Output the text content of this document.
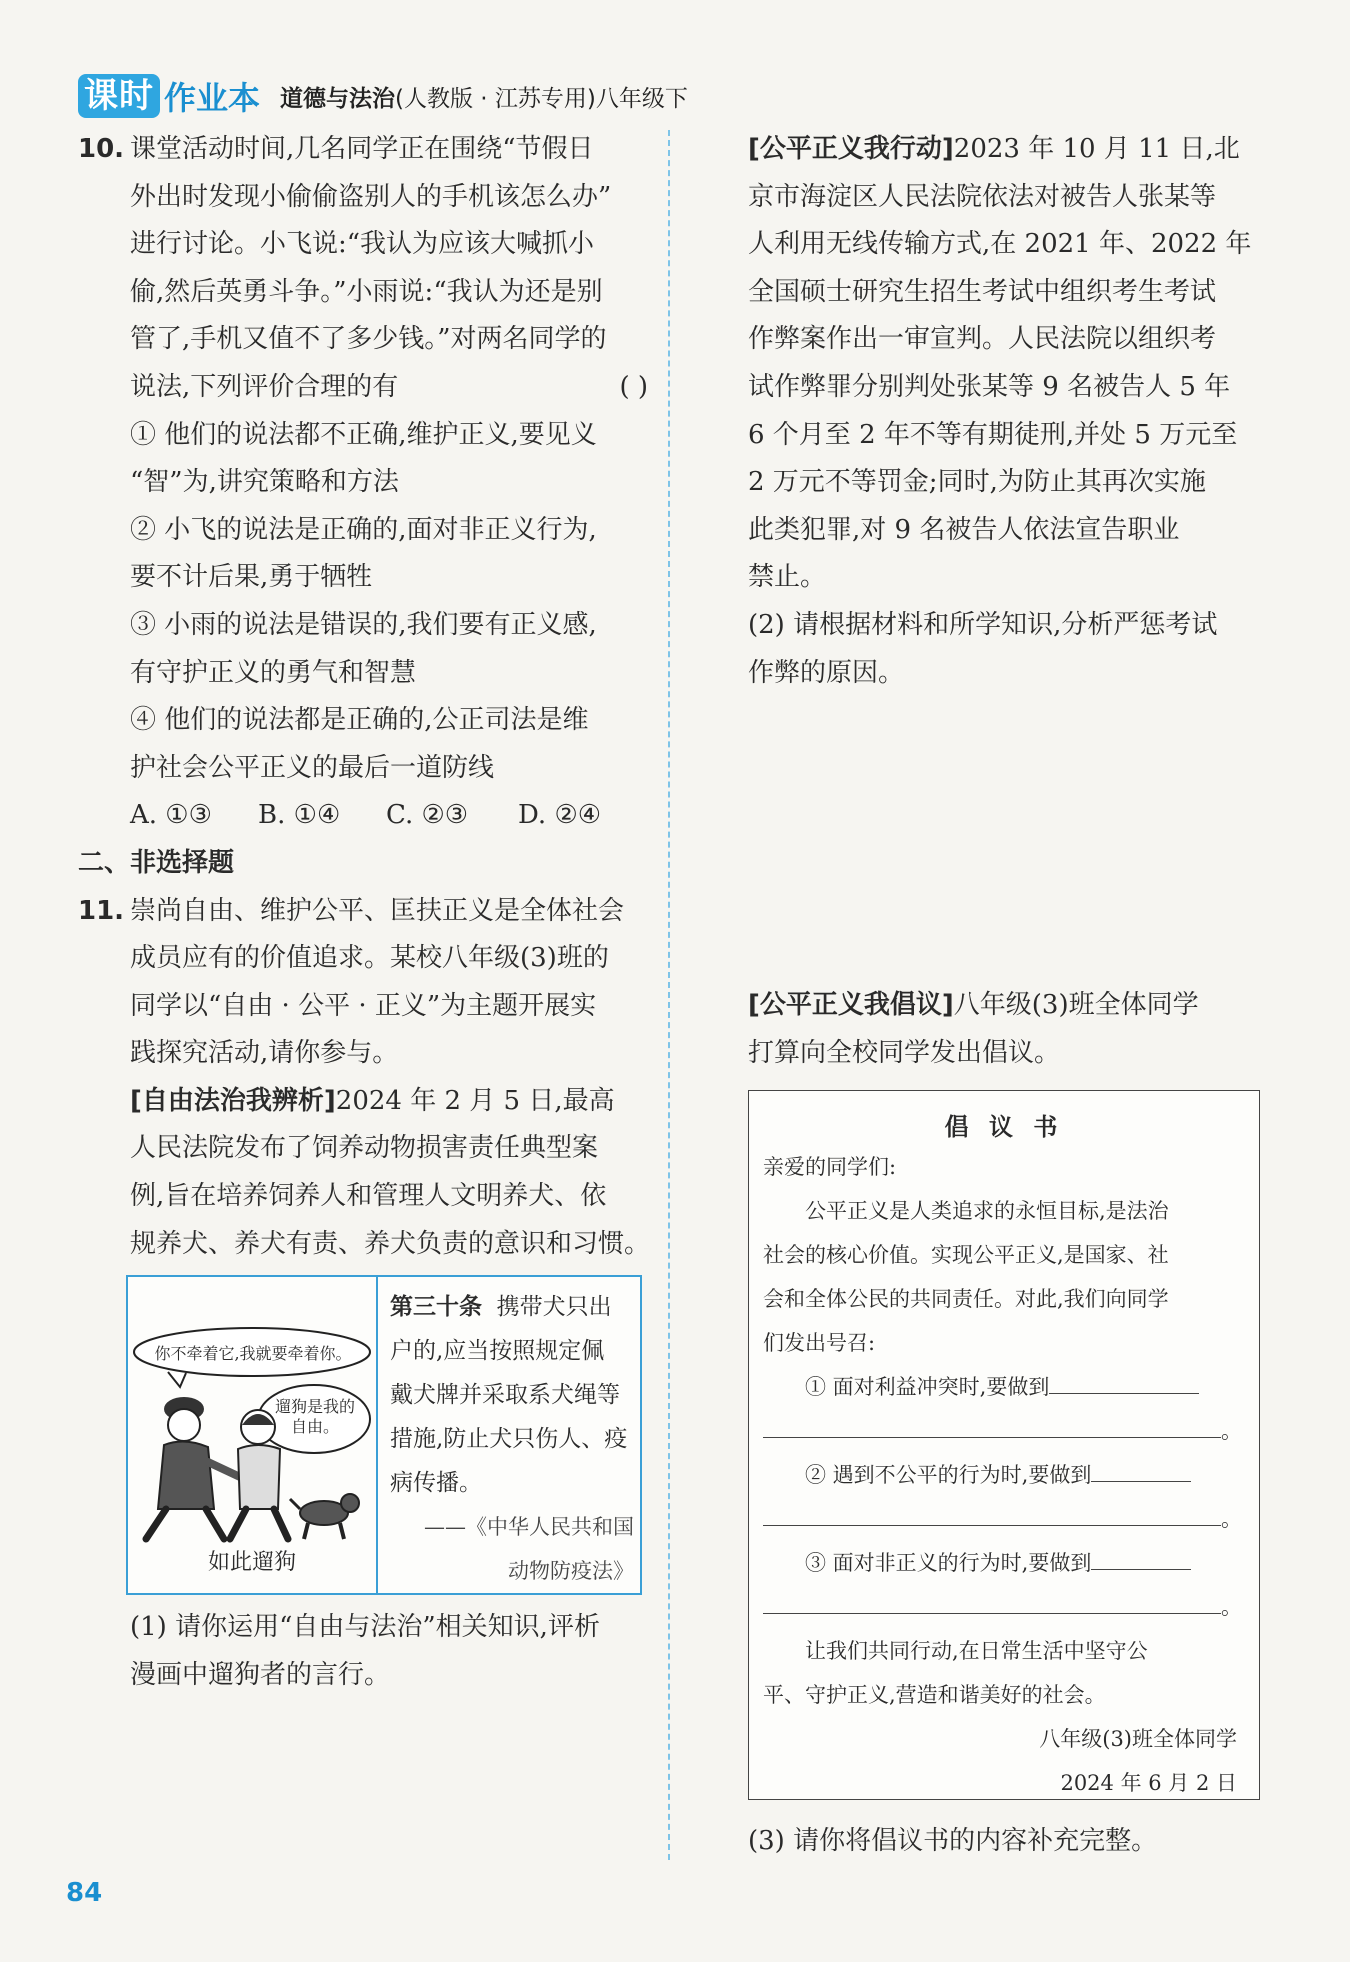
课时 作业本 道德与法治(人教版 · 江苏专用)八年级下
10. 课堂活动时间,几名同学正在围绕“节假日
外出时发现小偷偷盗别人的手机该怎么办”
进行讨论。小飞说:“我认为应该大喊抓小
偷,然后英勇斗争。”小雨说:“我认为还是别
管了,手机又值不了多少钱。”对两名同学的
说法,下列评价合理的有	( )
① 他们的说法都不正确,维护正义,要见义
“智”为,讲究策略和方法
② 小飞的说法是正确的,面对非正义行为,
要不计后果,勇于牺牲
③ 小雨的说法是错误的,我们要有正义感,
有守护正义的勇气和智慧
④ 他们的说法都是正确的,公正司法是维
护社会公平正义的最后一道防线
A. ①③ B. ①④ C. ②③ D. ②④
二、非选择题
11. 崇尚自由、维护公平、匡扶正义是全体社会
成员应有的价值追求。某校八年级(3)班的
同学以“自由 · 公平 · 正义”为主题开展实
践探究活动,请你参与。
[自由法治我辨析]2024 年 2 月 5 日,最高
人民法院发布了饲养动物损害责任典型案
例,旨在培养饲养人和管理人文明养犬、依
规养犬、养犬有责、养犬负责的意识和习惯。
你不牵着它,我就要牵着你。
遛狗是我的自由。
如此遛狗
第三十条 携带犬只出
户的,应当按照规定佩
戴犬牌并采取系犬绳等
措施,防止犬只伤人、疫
病传播。
——《中华人民共和国
动物防疫法》
(1) 请你运用“自由与法治”相关知识,评析
漫画中遛狗者的言行。
[公平正义我行动]2023 年 10 月 11 日,北
京市海淀区人民法院依法对被告人张某等
人利用无线传输方式,在 2021 年、2022 年
全国硕士研究生招生考试中组织考生考试
作弊案作出一审宣判。人民法院以组织考
试作弊罪分别判处张某等 9 名被告人 5 年
6 个月至 2 年不等有期徒刑,并处 5 万元至
2 万元不等罚金;同时,为防止其再次实施
此类犯罪,对 9 名被告人依法宣告职业
禁止。
(2) 请根据材料和所学知识,分析严惩考试
作弊的原因。
[公平正义我倡议]八年级(3)班全体同学
打算向全校同学发出倡议。
倡 议 书
亲爱的同学们:
公平正义是人类追求的永恒目标,是法治
社会的核心价值。实现公平正义,是国家、社
会和全体公民的共同责任。对此,我们向同学
们发出号召:
① 面对利益冲突时,要做到
。
② 遇到不公平的行为时,要做到
。
③ 面对非正义的行为时,要做到
。
让我们共同行动,在日常生活中坚守公
平、守护正义,营造和谐美好的社会。
八年级(3)班全体同学
2024 年 6 月 2 日
(3) 请你将倡议书的内容补充完整。
84
